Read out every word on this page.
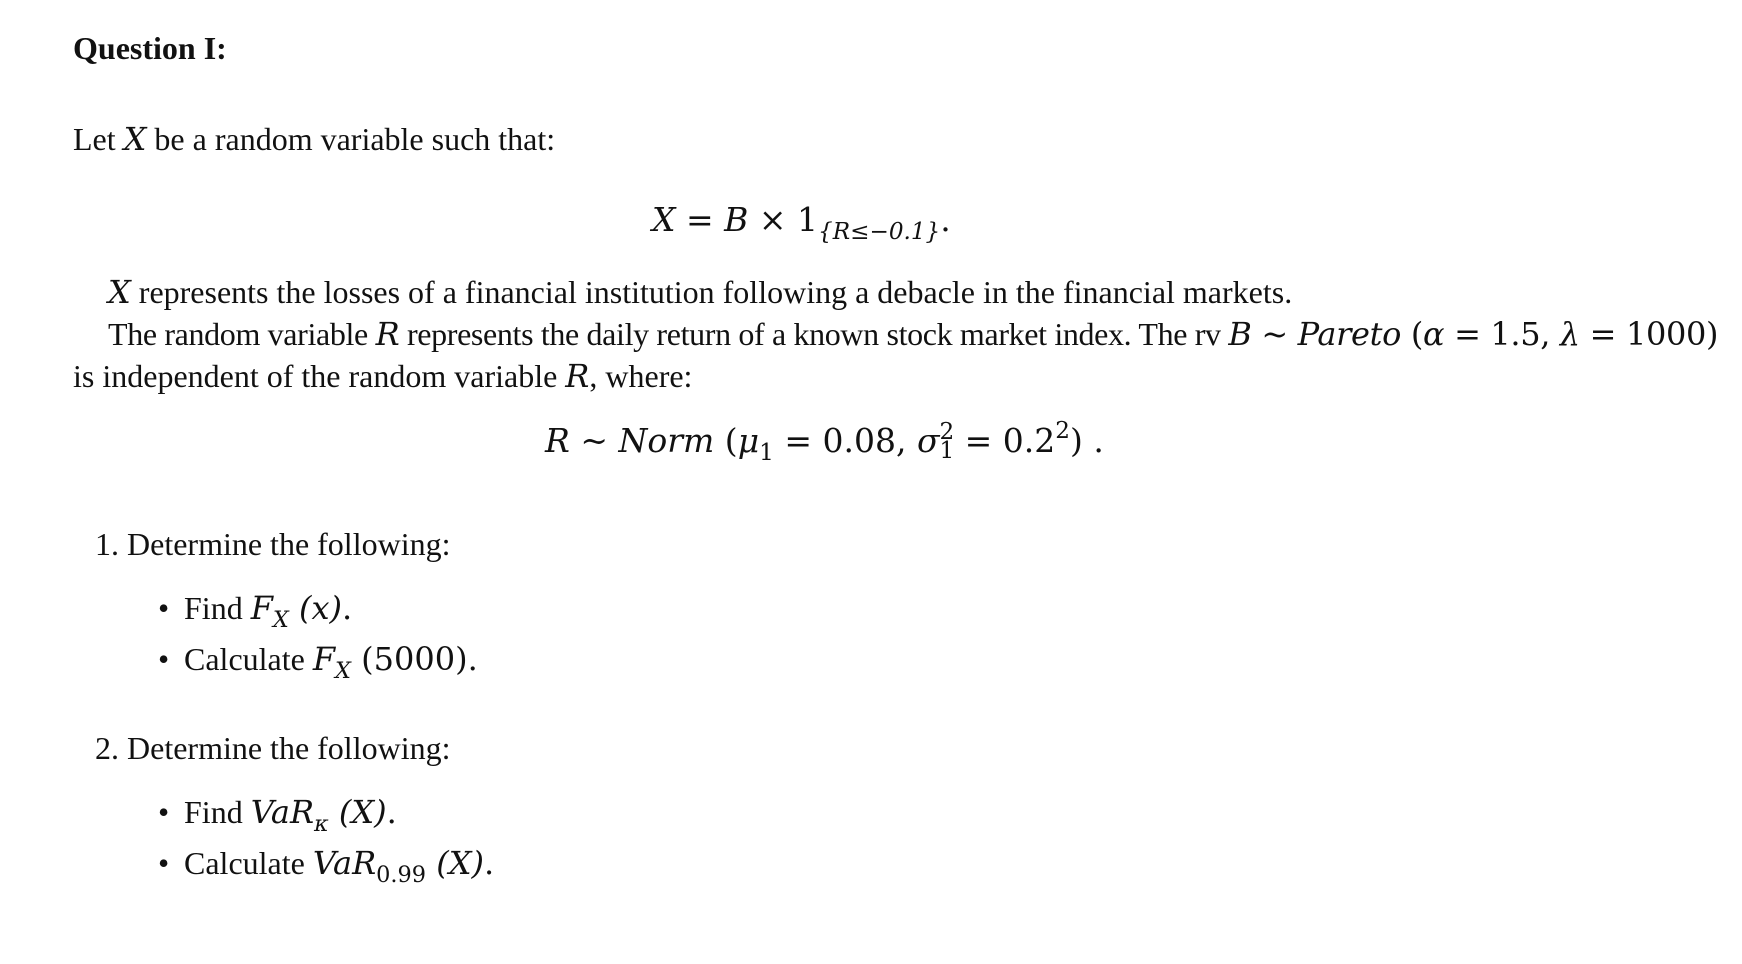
Question I:
Let X be a random variable such that:
$X = B \times 1_{\{R\le-0.1\}}$.
X represents the losses of a financial institution following a debacle in the financial markets.
The random variable R represents the daily return of a known stock market index. The rv B ~ Pareto (α = 1.5, λ = 1000)
is independent of the random variable R, where:
R ~ Norm ($\mu_1 = 0.08$, σ 2
$1 = 0.2^2$) .
1. Determine the following:
• Find $F_X$ (x).
• Calculate $F_X$ (5000).
2. Determine the following:
• Find VaR$_\kappa$ (X).
• Calculate VaR$_{0.99}$ (X).
